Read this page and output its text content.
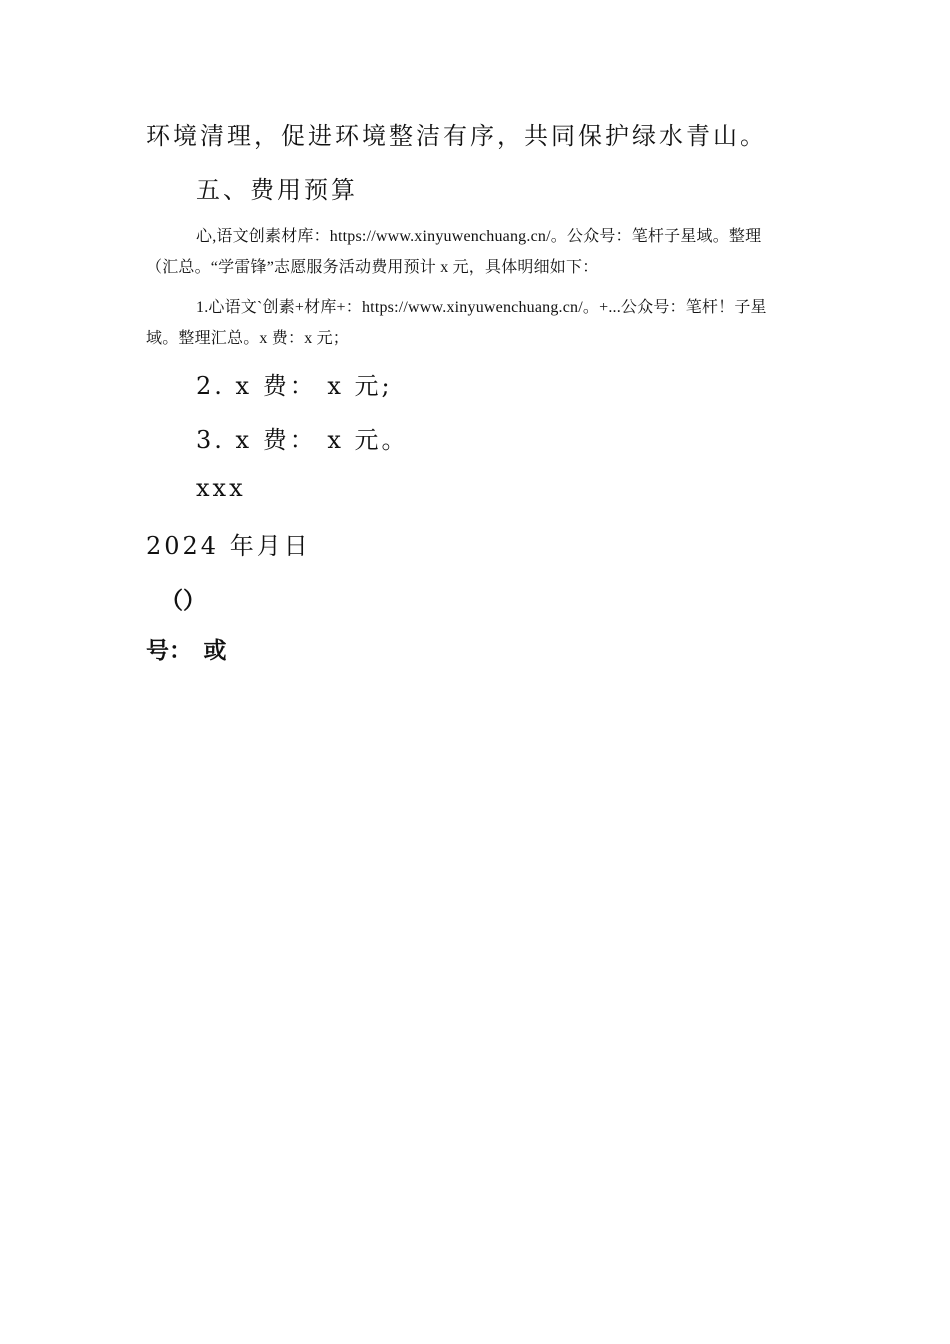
环境清理，促进环境整洁有序，共同保护绿水青山。
五、费用预算
心,语文创素材库：https://www.xinyuwenchuang.cn/。公众号：笔杆子星域。整理
（汇总。“学雷锋”志愿服务活动费用预计 x 元，具体明细如下：
1.心语文`创素+材库+：https://www.xinyuwenchuang.cn/。+...公众号：笔杆！子星
域。整理汇总。x 费：x 元；
2. x 费： x 元;
3. x 费： x 元。
xxx
2024 年月日
（）
号：　或
